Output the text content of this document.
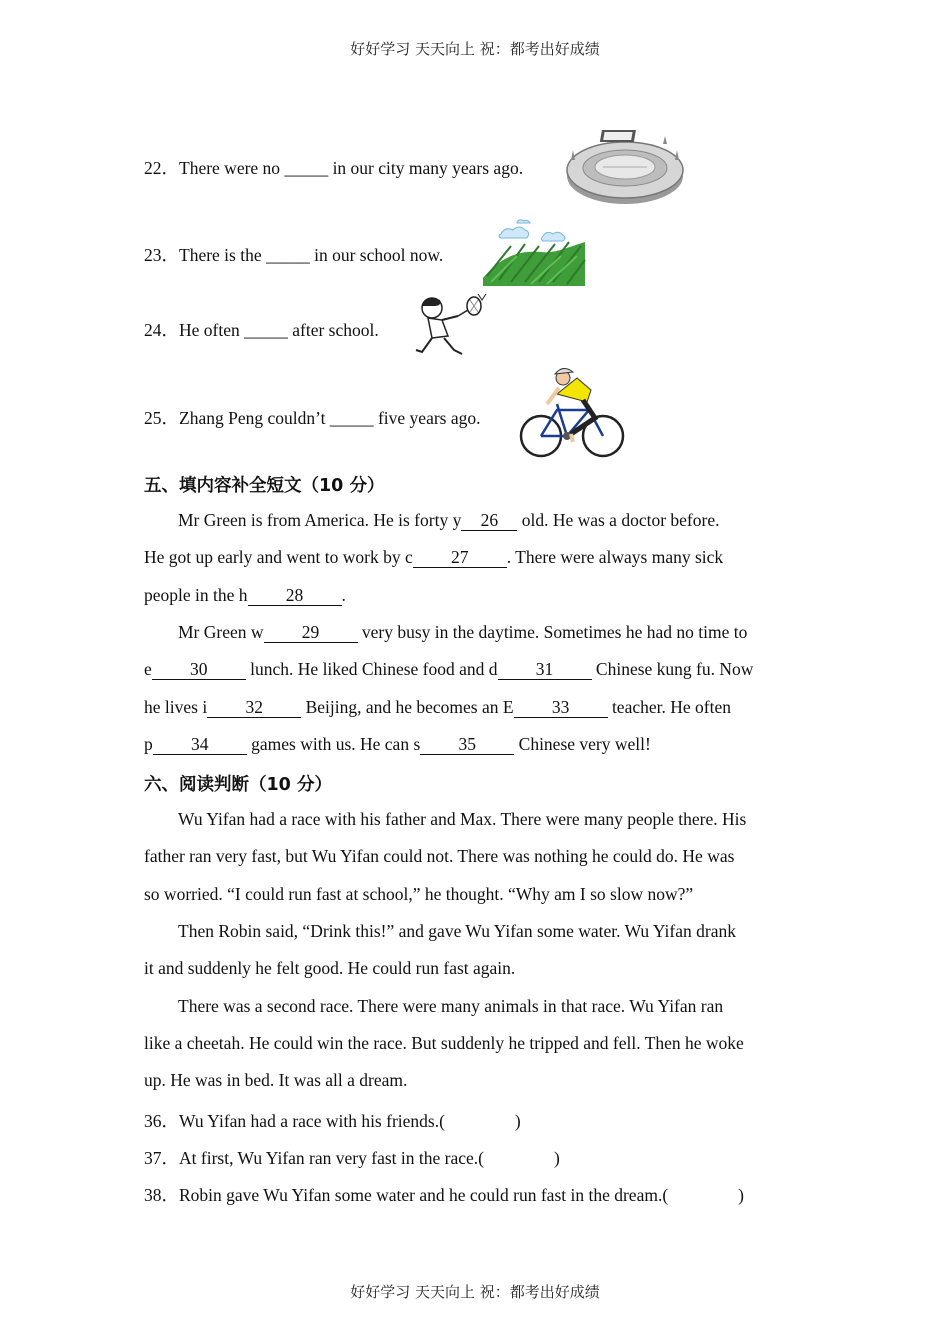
好好学习 天天向上 祝：都考出好成绩
22．There were no _____ in our city many years ago.
23．There is the _____ in our school now.
24．He often _____ after school.
25．Zhang Peng couldn’t _____ five years ago.
五、填内容补全短文（10 分）
Mr Green is from America. He is forty y 26 old. He was a doctor before.
He got up early and went to work by c 27 . There were always many sick
people in the h 28 .
Mr Green w 29 very busy in the daytime. Sometimes he had no time to
e 30 lunch. He liked Chinese food and d 31 Chinese kung fu. Now
he lives i 32 Beijing, and he becomes an E 33 teacher. He often
p 34 games with us. He can s 35 Chinese very well!
六、阅读判断（10 分）
Wu Yifan had a race with his father and Max. There were many people there. His
father ran very fast, but Wu Yifan could not. There was nothing he could do. He was
so worried. “I could run fast at school,” he thought. “Why am I so slow now?”
Then Robin said, “Drink this!” and gave Wu Yifan some water. Wu Yifan drank
it and suddenly he felt good. He could run fast again.
There was a second race. There were many animals in that race. Wu Yifan ran
like a cheetah. He could win the race. But suddenly he tripped and fell. Then he woke
up. He was in bed. It was all a dream.
36．Wu Yifan had a race with his friends.(	)
37．At first, Wu Yifan ran very fast in the race.(	)
38．Robin gave Wu Yifan some water and he could run fast in the dream.(	)
好好学习 天天向上 祝：都考出好成绩
